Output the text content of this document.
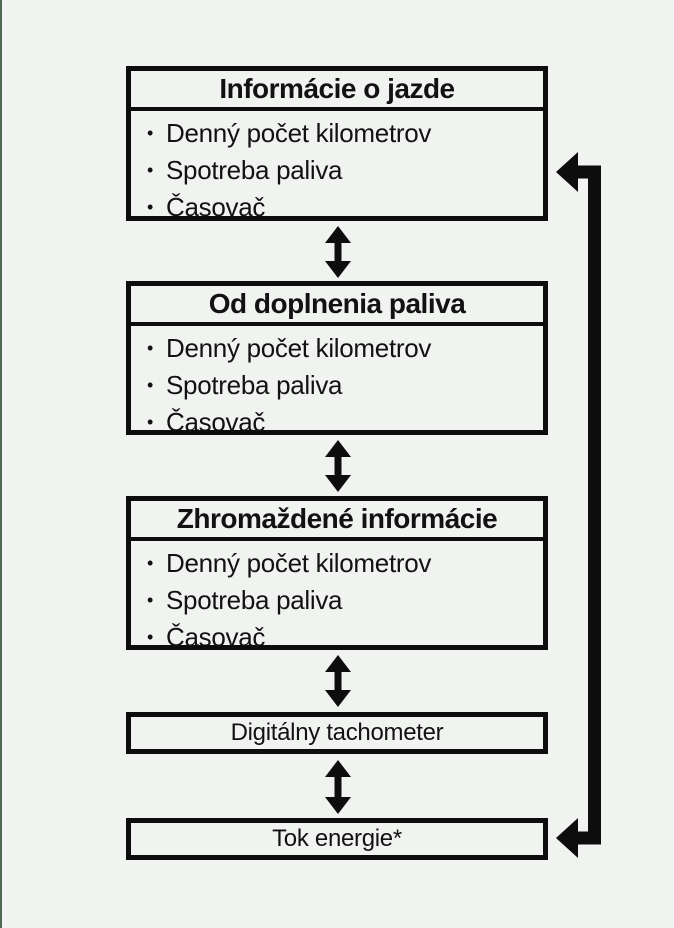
Informácie o jazde
• Denný počet kilometrov
• Spotreba paliva
• Časovač
Od doplnenia paliva
• Denný počet kilometrov
• Spotreba paliva
• Časovač
Zhromaždené informácie
• Denný počet kilometrov
• Spotreba paliva
• Časovač
Digitálny tachometer
Tok energie*
